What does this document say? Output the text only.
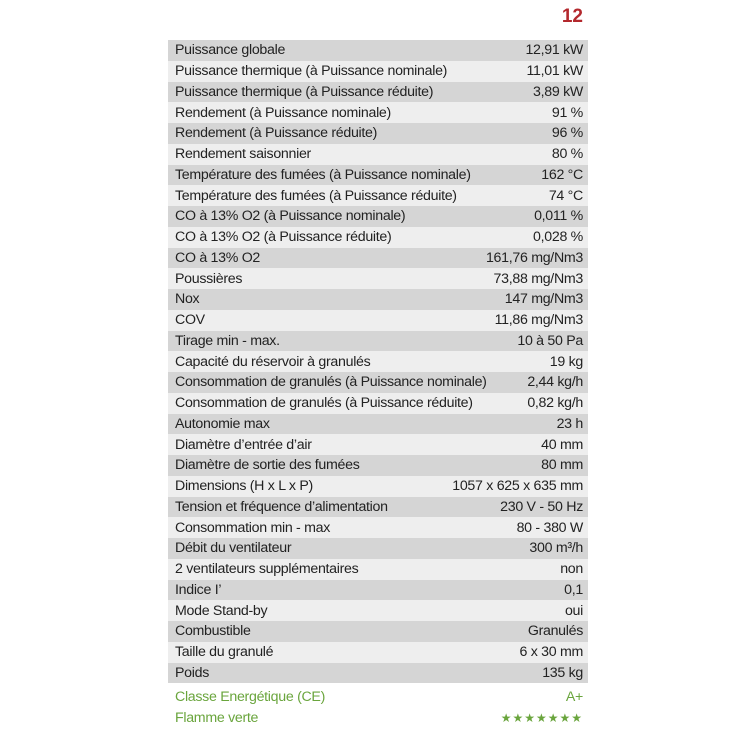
12
Puissance globale	12,91 kW
Puissance thermique (à Puissance nominale)	11,01 kW
Puissance thermique (à Puissance réduite)	3,89 kW
Rendement (à Puissance nominale)	91 %
Rendement (à Puissance réduite)	96 %
Rendement saisonnier	80 %
Température des fumées (à Puissance nominale)	162 °C
Température des fumées (à Puissance réduite)	74 °C
CO à 13% O2 (à Puissance nominale)	0,011 %
CO à 13% O2 (à Puissance réduite)	0,028 %
CO à 13% O2	161,76 mg/Nm3
Poussières	73,88 mg/Nm3
Nox	147 mg/Nm3
COV	11,86 mg/Nm3
Tirage min - max.	10 à 50 Pa
Capacité du réservoir à granulés	19 kg
Consommation de granulés (à Puissance nominale)	2,44 kg/h
Consommation de granulés (à Puissance réduite)	0,82 kg/h
Autonomie max	23 h
Diamètre d’entrée d’air	40 mm
Diamètre de sortie des fumées	80 mm
Dimensions (H x L x P)	1057 x 625 x 635 mm
Tension et fréquence d’alimentation	230 V - 50 Hz
Consommation min - max	80 - 380 W
Débit du ventilateur	300 m³/h
2 ventilateurs supplémentaires	non
Indice I’	0,1
Mode Stand-by	oui
Combustible	Granulés
Taille du granulé	6 x 30 mm
Poids	135 kg
Classe Energétique (CE)	A+
Flamme verte	★★★★★★★
